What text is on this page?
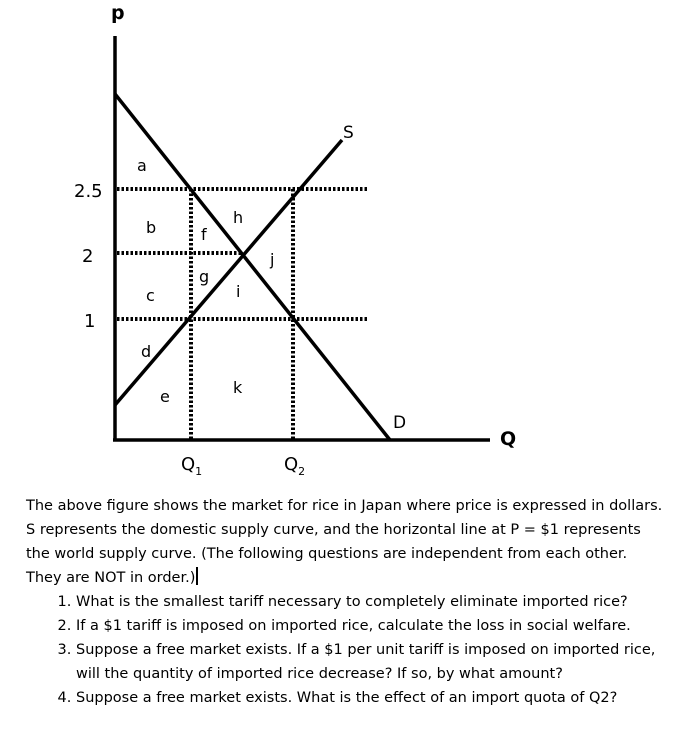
p
Q
2.5
2
1
$Q_1$	$Q_2$
S
D
a
b
c
d
e
f
g
h
i
j
k

The above figure shows the market for rice in Japan where price is expressed in dollars. S represents the domestic supply curve, and the horizontal line at P = $1 represents the world supply curve. (The following questions are independent from each other. They are NOT in order.)

1. What is the smallest tariff necessary to completely eliminate imported rice?
2. If a $1 tariff is imposed on imported rice, calculate the loss in social welfare.
3. Suppose a free market exists. If a $1 per unit tariff is imposed on imported rice, will the quantity of imported rice decrease? If so, by what amount?
4. Suppose a free market exists. What is the effect of an import quota of Q2?
